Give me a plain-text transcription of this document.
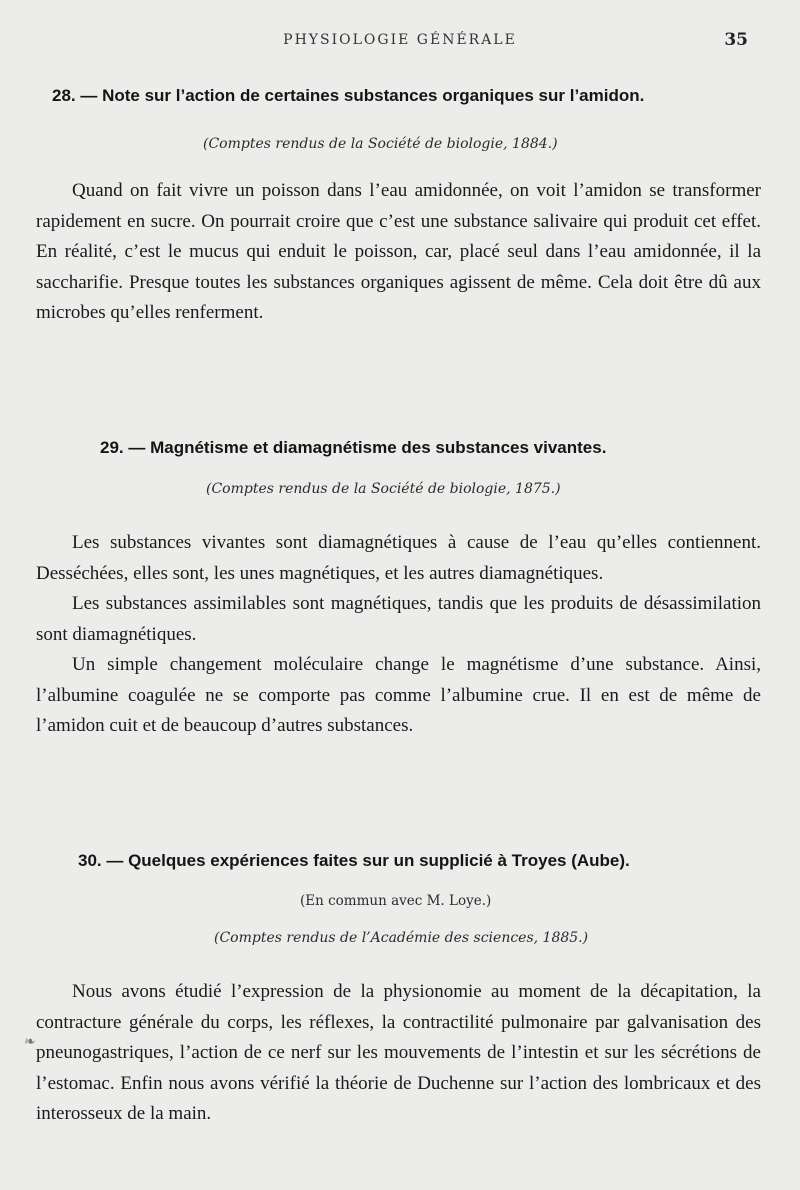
PHYSIOLOGIE GÉNÉRALE	35
28. — Note sur l’action de certaines substances organiques sur l’amidon.
(Comptes rendus de la Société de biologie, 1884.)

Quand on fait vivre un poisson dans l’eau amidonnée, on voit l’amidon se transformer rapidement en sucre. On pourrait croire que c’est une substance salivaire qui produit cet effet. En réalité, c’est le mucus qui enduit le poisson, car, placé seul dans l’eau amidonnée, il la saccharifie. Presque toutes les substances organiques agissent de même. Cela doit être dû aux microbes qu’elles renferment.

29. — Magnétisme et diamagnétisme des substances vivantes.
(Comptes rendus de la Société de biologie, 1875.)

Les substances vivantes sont diamagnétiques à cause de l’eau qu’elles contiennent. Desséchées, elles sont, les unes magnétiques, et les autres diamagnétiques.

Les substances assimilables sont magnétiques, tandis que les produits de désassimilation sont diamagnétiques.

Un simple changement moléculaire change le magnétisme d’une substance. Ainsi, l’albumine coagulée ne se comporte pas comme l’albumine crue. Il en est de même de l’amidon cuit et de beaucoup d’autres substances.

30. — Quelques expériences faites sur un supplicié à Troyes (Aube).
(En commun avec M. Loye.)
(Comptes rendus de l’Académie des sciences, 1885.)

Nous avons étudié l’expression de la physionomie au moment de la décapitation, la contracture générale du corps, les réflexes, la contractilité pulmonaire par galvanisation des pneunogastriques, l’action de ce nerf sur les mouvements de l’intestin et sur les sécrétions de l’estomac. Enfin nous avons vérifié la théorie de Duchenne sur l’action des lombricaux et des interosseux de la main.

❧
